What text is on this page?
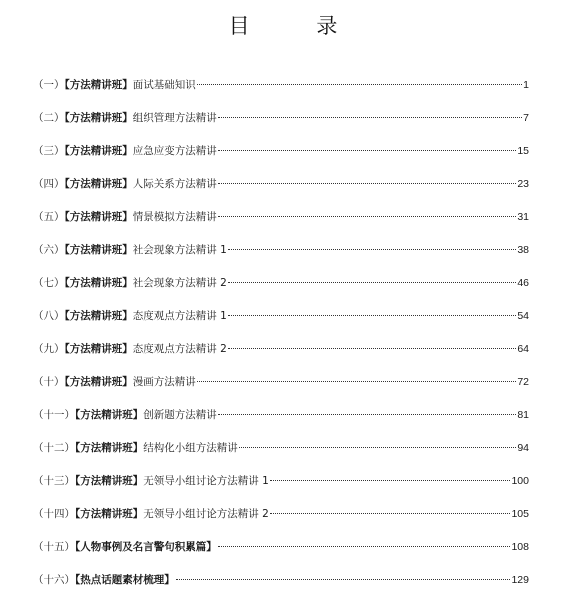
目 录
（一）【方法精讲班】面试基础知识	1
（二）【方法精讲班】组织管理方法精讲	7
（三）【方法精讲班】应急应变方法精讲	15
（四）【方法精讲班】人际关系方法精讲	23
（五）【方法精讲班】情景模拟方法精讲	31
（六）【方法精讲班】社会现象方法精讲 1	38
（七）【方法精讲班】社会现象方法精讲 2	46
（八）【方法精讲班】态度观点方法精讲 1	54
（九）【方法精讲班】态度观点方法精讲 2	64
（十）【方法精讲班】漫画方法精讲	72
（十一）【方法精讲班】创新题方法精讲	81
（十二）【方法精讲班】结构化小组方法精讲	94
（十三）【方法精讲班】无领导小组讨论方法精讲 1	100
（十四）【方法精讲班】无领导小组讨论方法精讲 2	105
（十五）【人物事例及名言警句积累篇】	108
（十六）【热点话题素材梳理】	129
